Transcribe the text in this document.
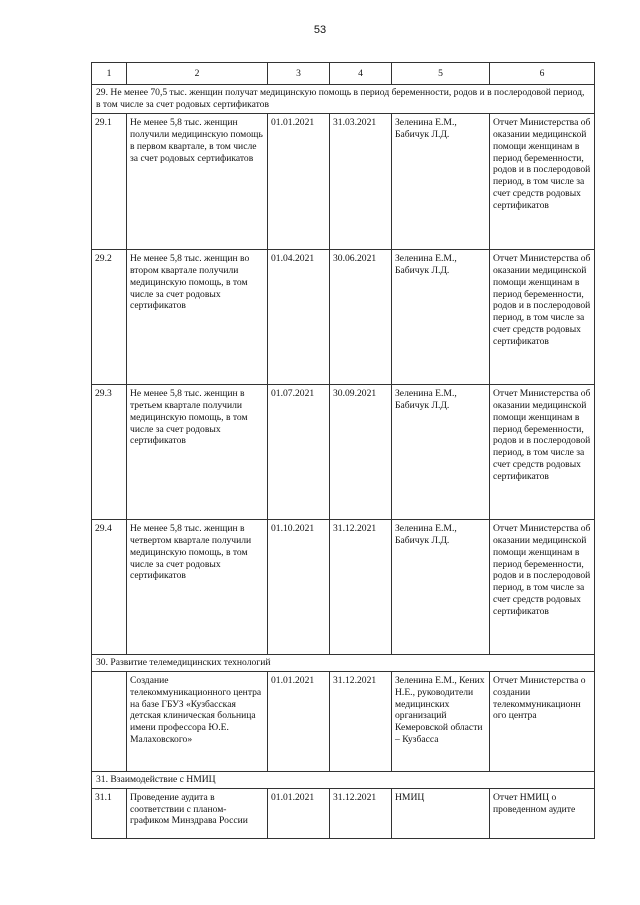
53
1	2	3	4	5	6
29. Не менее 70,5 тыс. женщин получат медицинскую помощь в период беременности, родов и в послеродовой период, в том числе за счет родовых сертификатов					
29.1	Не менее 5,8 тыс. женщин получили медицинскую помощь в первом квартале, в том числе за счет родовых сертификатов	01.01.2021	31.03.2021	Зеленина Е.М., Бабичук Л.Д.	Отчет Министерства об оказании медицинской помощи женщинам в период беременности, родов и в послеродовой период, в том числе за счет средств родовых сертификатов
29.2	Не менее 5,8 тыс. женщин во втором квартале получили медицинскую помощь, в том числе за счет родовых сертификатов	01.04.2021	30.06.2021	Зеленина Е.М., Бабичук Л.Д.	Отчет Министерства об оказании медицинской помощи женщинам в период беременности, родов и в послеродовой период, в том числе за счет средств родовых сертификатов
29.3	Не менее 5,8 тыс. женщин в третьем квартале получили медицинскую помощь, в том числе за счет родовых сертификатов	01.07.2021	30.09.2021	Зеленина Е.М., Бабичук Л.Д.	Отчет Министерства об оказании медицинской помощи женщинам в период беременности, родов и в послеродовой период, в том числе за счет средств родовых сертификатов
29.4	Не менее 5,8 тыс. женщин в четвертом квартале получили медицинскую помощь, в том числе за счет родовых сертификатов	01.10.2021	31.12.2021	Зеленина Е.М., Бабичук Л.Д.	Отчет Министерства об оказании медицинской помощи женщинам в период беременности, родов и в послеродовой период, в том числе за счет средств родовых сертификатов
30. Развитие телемедицинских технологий					
	Создание телекоммуникационного центра на базе ГБУЗ «Кузбасская детская клиническая больница имени профессора Ю.Е. Малаховского»	01.01.2021	31.12.2021	Зеленина Е.М., Кених Н.Е., руководители медицинских организаций Кемеровской области – Кузбасса	Отчет Министерства о создании телекоммуникационн ого центра
31. Взаимодействие с НМИЦ					
31.1	Проведение аудита в соответствии с планом-графиком Минздрава России	01.01.2021	31.12.2021	НМИЦ	Отчет НМИЦ о проведенном аудите
